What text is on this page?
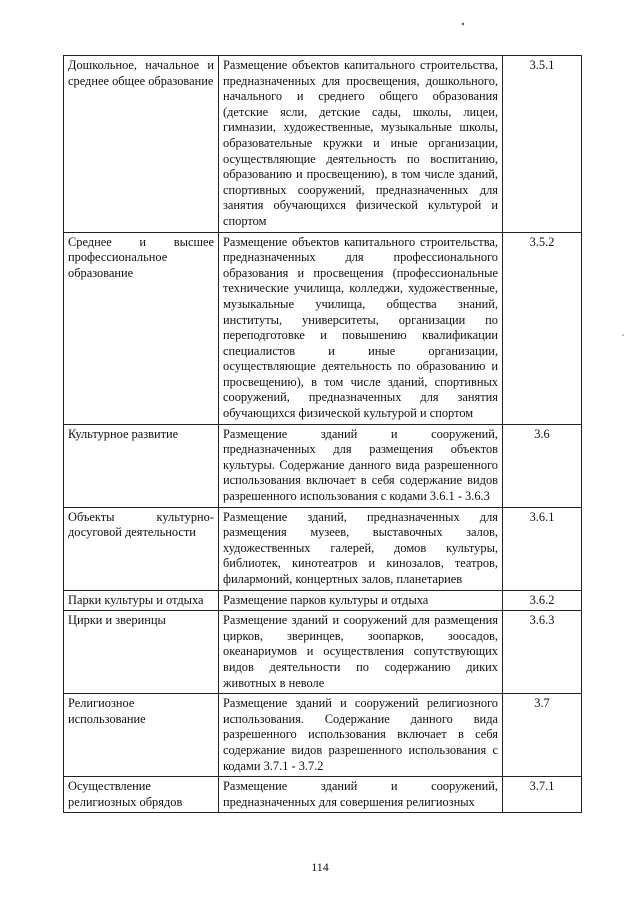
Дошкольное, начальное и среднее общее образование	Размещение объектов капитального строительства, предназначенных для просвещения, дошкольного, начального и среднего общего образования (детские ясли, детские сады, школы, лицеи, гимназии, художественные, музыкальные школы, образовательные кружки и иные организации, осуществляющие деятельность по воспитанию, образованию и просвещению), в том числе зданий, спортивных сооружений, предназначенных для занятия обучающихся физической культурой и спортом	3.5.1
Среднее и высшее профессиональное образование	Размещение объектов капитального строительства, предназначенных для профессионального образования и просвещения (профессиональные технические училища, колледжи, художественные, музыкальные училища, общества знаний, институты, университеты, организации по переподготовке и повышению квалификации специалистов и иные организации, осуществляющие деятельность по образованию и просвещению), в том числе зданий, спортивных сооружений, предназначенных для занятия обучающихся физической культурой и спортом	3.5.2
Культурное развитие	Размещение зданий и сооружений, предназначенных для размещения объектов культуры. Содержание данного вида разрешенного использования включает в себя содержание видов разрешенного использования с кодами 3.6.1 - 3.6.3	3.6
Объекты культурно-досуговой деятельности	Размещение зданий, предназначенных для размещения музеев, выставочных залов, художественных галерей, домов культуры, библиотек, кинотеатров и кинозалов, театров, филармоний, концертных залов, планетариев	3.6.1
Парки культуры и отдыха	Размещение парков культуры и отдыха	3.6.2
Цирки и зверинцы	Размещение зданий и сооружений для размещения цирков, зверинцев, зоопарков, зоосадов, океанариумов и осуществления сопутствующих видов деятельности по содержанию диких животных в неволе	3.6.3
Религиозное использование	Размещение зданий и сооружений религиозного использования. Содержание данного вида разрешенного использования включает в себя содержание видов разрешенного использования с кодами 3.7.1 - 3.7.2	3.7
Осуществление религиозных обрядов	Размещение зданий и сооружений, предназначенных для совершения религиозных	3.7.1
114
